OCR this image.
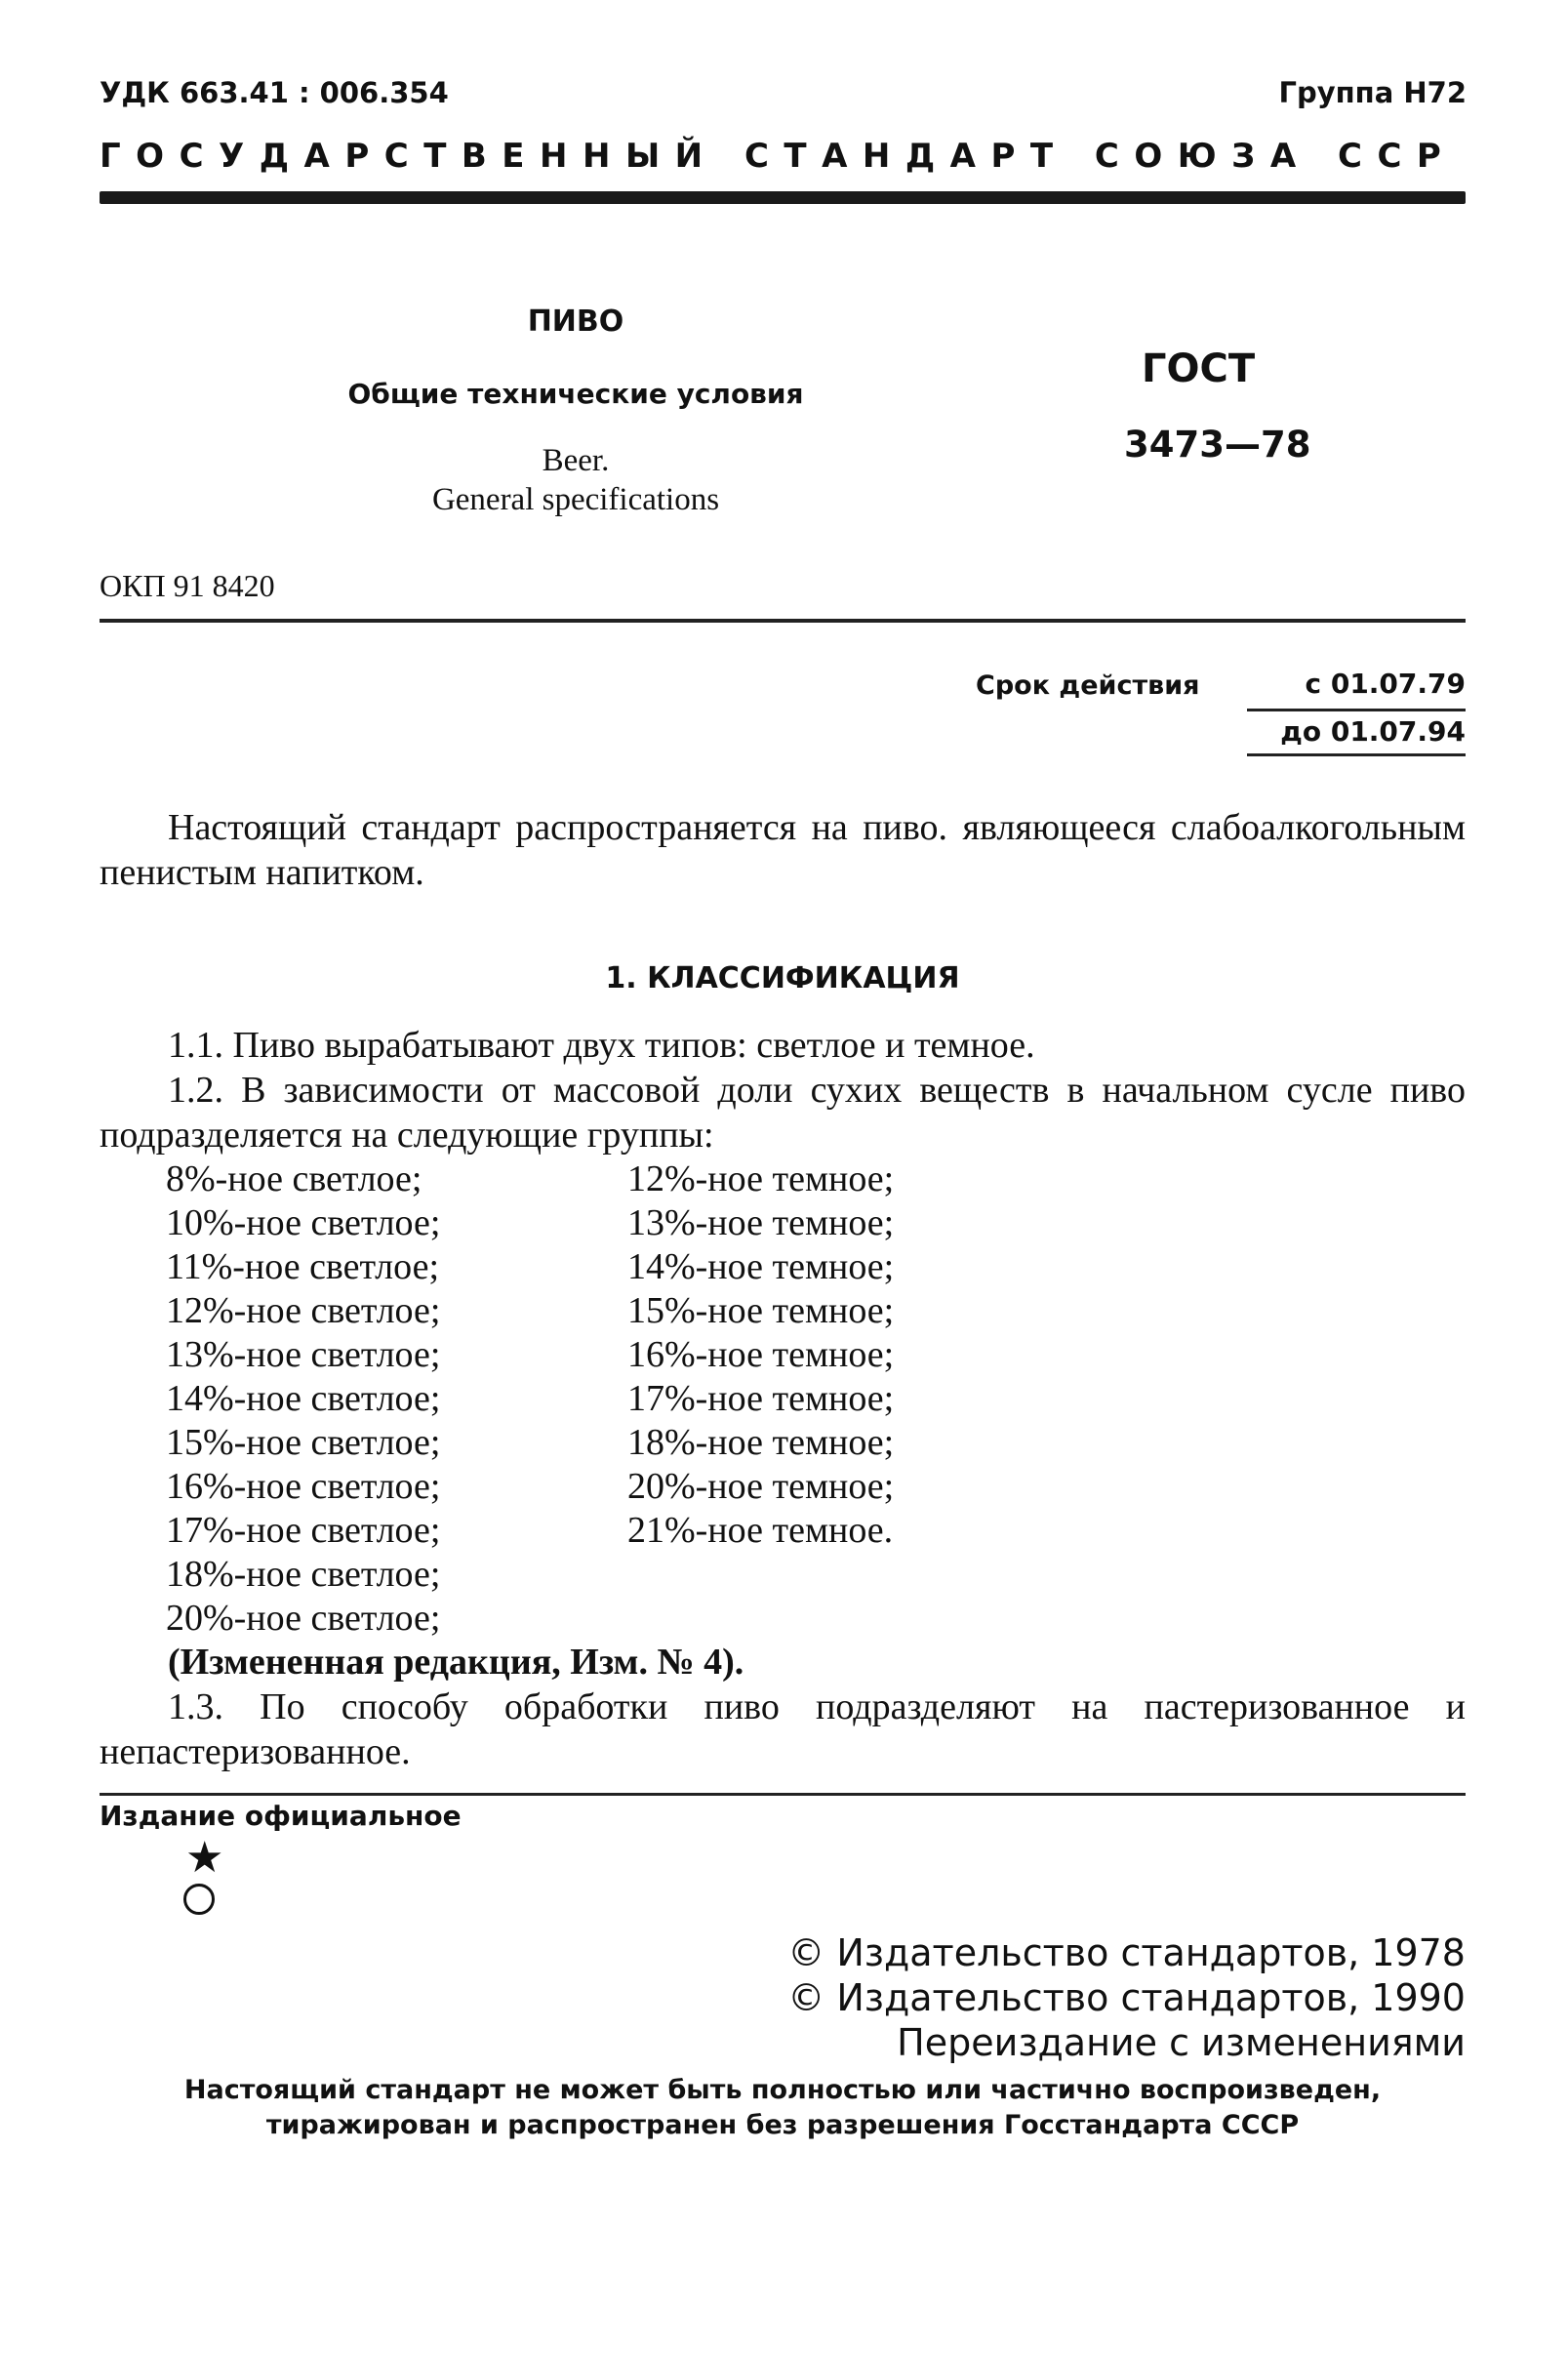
УДК 663.41 : 006.354	Группа Н72
ГОСУДАРСТВЕННЫЙ СТАНДАРТ СОЮЗА ССР
ПИВО
Общие технические условия
Beer.
General specifications
ГОСТ
3473—78
ОКП 91 8420
Срок действия	с 01.07.79
до 01.07.94
Настоящий стандарт распространяется на пиво. являющееся слабоалкогольным пенистым напитком.
1. КЛАССИФИКАЦИЯ
1.1. Пиво вырабатывают двух типов: светлое и темное.
1.2. В зависимости от массовой доли сухих веществ в начальном сусле пиво подразделяется на следующие группы:
8%-ное светлое;
10%-ное светлое;
11%-ное светлое;
12%-ное светлое;
13%-ное светлое;
14%-ное светлое;
15%-ное светлое;
16%-ное светлое;
17%-ное светлое;
18%-ное светлое;
20%-ное светлое;
12%-ное темное;
13%-ное темное;
14%-ное темное;
15%-ное темное;
16%-ное темное;
17%-ное темное;
18%-ное темное;
20%-ное темное;
21%-ное темное.
(Измененная редакция, Изм. № 4).
1.3. По способу обработки пиво подразделяют на пастеризованное и непастеризованное.
Издание официальное
★
© Издательство стандартов, 1978
© Издательство стандартов, 1990
Переиздание с изменениями
Настоящий стандарт не может быть полностью или частично воспроизведен, тиражирован и распространен без разрешения Госстандарта СССР
